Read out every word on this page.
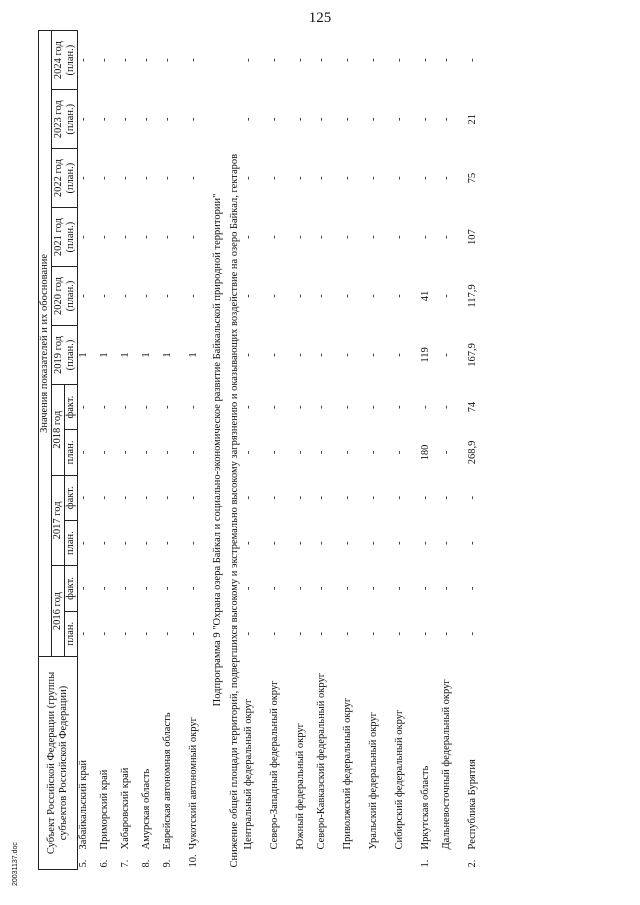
125
Субъект Российской Федерации (группы субъектов Российской Федерации)	Значения показателей и их обоснование											
	2016 год		2017 год		2018 год		2019 год (план.)	2020 год (план.)	2021 год (план.)	2022 год (план.)	2023 год (план.)	2024 год (план.)
	план.	факт.	план.	факт.	план.	факт.						
5.Забайкальский край	-	-	-	-	-	-	1	-	-	-	-	-
6.Приморский край	-	-	-	-	-	-	1	-	-	-	-	-
7.Хабаровский край	-	-	-	-	-	-	1	-	-	-	-	-
8.Амурская область	-	-	-	-	-	-	1	-	-	-	-	-
9.Еврейская автономная область	-	-	-	-	-	-	1	-	-	-	-	-
10.Чукотский автономный округ	-	-	-	-	-	-	1	-	-	-	-	-
Подпрограмма 9 "Охрана озера Байкал и социально-экономическое развитие Байкальской природной территории"												
Снижение общей площади территорий, подвергшихся высокому и экстремально высокому загрязнению и оказывающих воздействие на озеро Байкал, гектаров												
Центральный федеральный округ	-	-	-	-	-	-	-	-	-	-	-	-
Северо-Западный федеральный округ	-	-	-	-	-	-	-	-	-	-	-	-
Южный федеральный округ	-	-	-	-	-	-	-	-	-	-	-	-
Северо-Кавказский федеральный округ	-	-	-	-	-	-	-	-	-	-	-	-
Приволжский федеральный округ	-	-	-	-	-	-	-	-	-	-	-	-
Уральский федеральный округ	-	-	-	-	-	-	-	-	-	-	-	-
Сибирский федеральный округ	-	-	-	-	-	-	-	-	-	-	-	-
1.Иркутская область	-	-	-	-	180	-	119	41	-	-	-	-
Дальневосточный федеральный округ	-	-	-	-	-	-	-	-	-	-	-	-
2.Республика Бурятия	-	-	-	-	268,9	74	167,9	117,9	107	75	21	-
20031137.doc
